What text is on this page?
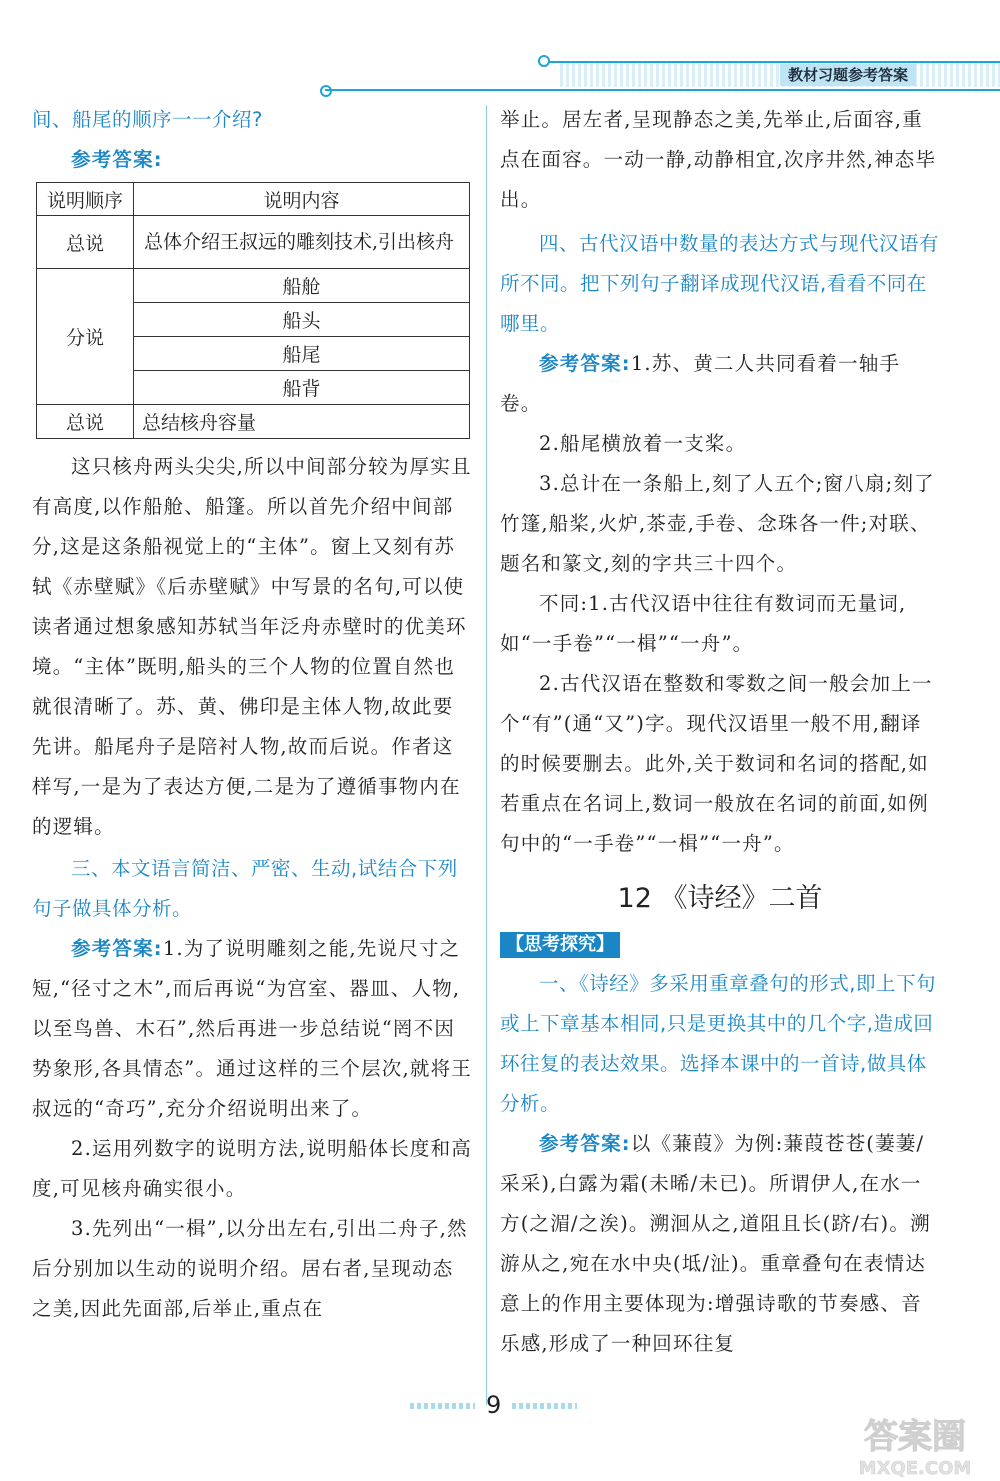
教材习题参考答案

间、船尾的顺序一一介绍?

参考答案:

说明顺序	说明内容
总说	总体介绍王叔远的雕刻技术,引出核舟
分说	船舱
	船头
	船尾
	船背
总说	总结核舟容量

这只核舟两头尖尖,所以中间部分较为厚实且有高度,以作船舱、船篷。所以首先介绍中间部分,这是这条船视觉上的“主体”。窗上又刻有苏轼《赤壁赋》《后赤壁赋》中写景的名句,可以使读者通过想象感知苏轼当年泛舟赤壁时的优美环境。“主体”既明,船头的三个人物的位置自然也就很清晰了。苏、黄、佛印是主体人物,故此要先讲。船尾舟子是陪衬人物,故而后说。作者这样写,一是为了表达方便,二是为了遵循事物内在的逻辑。

三、本文语言简洁、严密、生动,试结合下列句子做具体分析。

参考答案:1.为了说明雕刻之能,先说尺寸之短,“径寸之木”,而后再说“为宫室、器皿、人物,以至鸟兽、木石”,然后再进一步总结说“罔不因势象形,各具情态”。通过这样的三个层次,就将王叔远的“奇巧”,充分介绍说明出来了。

2.运用列数字的说明方法,说明船体长度和高度,可见核舟确实很小。

3.先列出“一楫”,以分出左右,引出二舟子,然后分别加以生动的说明介绍。居右者,呈现动态之美,因此先面部,后举止,重点在

举止。居左者,呈现静态之美,先举止,后面容,重点在面容。一动一静,动静相宜,次序井然,神态毕出。

四、古代汉语中数量的表达方式与现代汉语有所不同。把下列句子翻译成现代汉语,看看不同在哪里。

参考答案:1.苏、黄二人共同看着一轴手卷。

2.船尾横放着一支桨。

3.总计在一条船上,刻了人五个;窗八扇;刻了竹篷,船桨,火炉,茶壶,手卷、念珠各一件;对联、题名和篆文,刻的字共三十四个。

不同:1.古代汉语中往往有数词而无量词,如“一手卷”“一楫”“一舟”。

2.古代汉语在整数和零数之间一般会加上一个“有”(通“又”)字。现代汉语里一般不用,翻译的时候要删去。此外,关于数词和名词的搭配,如若重点在名词上,数词一般放在名词的前面,如例句中的“一手卷”“一楫”“一舟”。

12 《诗经》二首
【思考探究】

一、《诗经》多采用重章叠句的形式,即上下句或上下章基本相同,只是更换其中的几个字,造成回环往复的表达效果。选择本课中的一首诗,做具体分析。

参考答案:以《蒹葭》为例:蒹葭苍苍(萋萋/采采),白露为霜(未晞/未已)。所谓伊人,在水一方(之湄/之涘)。溯洄从之,道阻且长(跻/右)。溯游从之,宛在水中央(坻/沚)。重章叠句在表情达意上的作用主要体现为:增强诗歌的节奏感、音乐感,形成了一种回环往复

9
答案圈
MXQE.COM
